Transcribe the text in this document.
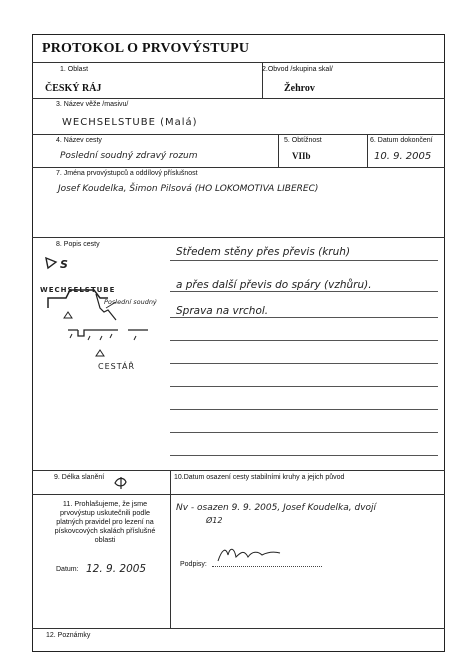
PROTOKOL O PRVOVÝSTUPU
1. Oblast
ČESKÝ RÁJ
2.Obvod /skupina skal/
Žehrov
3. Název věže /masivu/
WECHSELSTUBE (Malá)
4. Název cesty
Poslední soudný zdravý rozum
5. Obtížnost
VIIb
6. Datum dokončení
10. 9. 2005
7. Jména prvovýstupců a oddílový příslušnost
Josef Koudelka, Šimon Pilsová (HO LOKOMOTIVA LIBEREC)
8. Popis cesty
Středem stěny přes převis (kruh)
a přes další převis do spáry (vzhůru).
Sprava na vrchol.
WECHSELSTUBE
Poslední soudný
CESTÁŘ
S
9. Délka slanění	10.Datum osazení cesty stabilními kruhy a jejich původ
11. Prohlašujeme, že jsme prvovýstup uskutečnili podle platných pravidel pro lezení na pískovcových skalách příslušné oblasti
Nv - osazen 9. 9. 2005, Josef Koudelka, dvojí
Ø12
Datum: 12. 9. 2005	Podpisy:
12. Poznámky
